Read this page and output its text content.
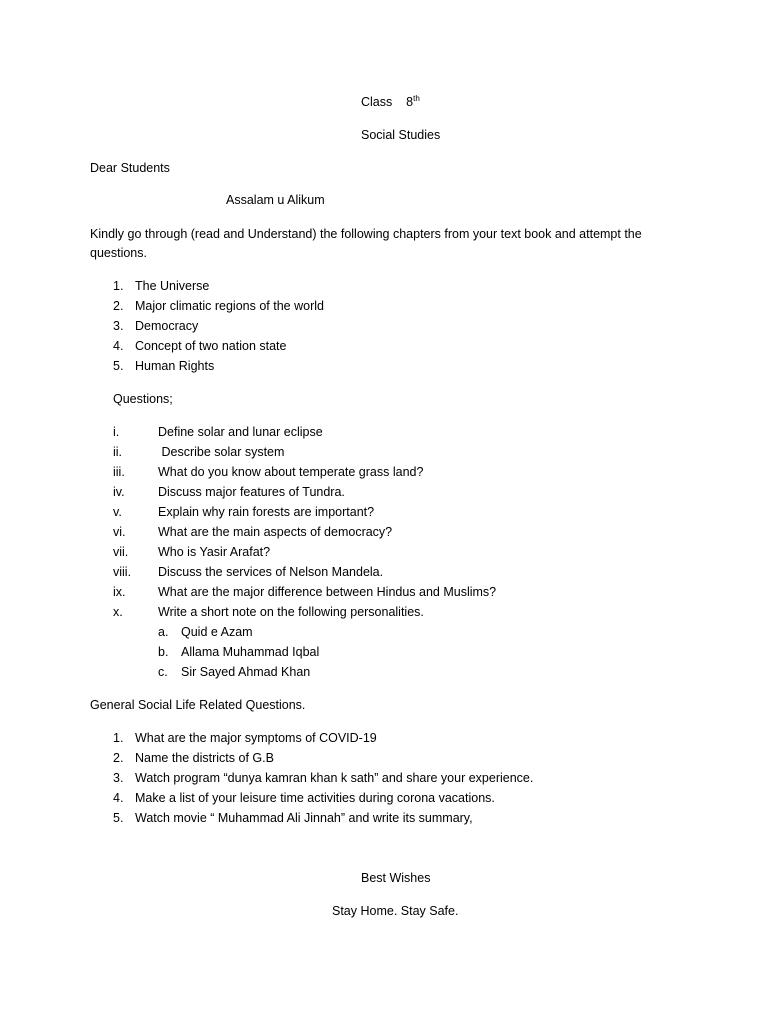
Class 8th
Social Studies
Dear Students
Assalam u Alikum
Kindly go through (read and Understand) the following chapters from your text book and attempt the questions.
1. The Universe
2. Major climatic regions of the world
3. Democracy
4. Concept of two nation state
5. Human Rights
Questions;
i.	Define solar and lunar eclipse
ii.	Describe solar system
iii.	What do you know about temperate grass land?
iv.	Discuss major features of Tundra.
v.	Explain why rain forests are important?
vi.	What are the main aspects of democracy?
vii. Who is Yasir Arafat?
viii. Discuss the services of Nelson Mandela.
ix.	What are the major difference between Hindus and Muslims?
x.	Write a short note on the following personalities.
a. Quid e Azam
b. Allama Muhammad Iqbal
c. Sir Sayed Ahmad Khan
General Social Life Related Questions.
1. What are the major symptoms of COVID-19
2. Name the districts of G.B
3. Watch program “dunya kamran khan k sath” and share your experience.
4. Make a list of your leisure time activities during corona vacations.
5. Watch movie “ Muhammad Ali Jinnah” and write its summary,
Best Wishes
Stay Home. Stay Safe.
